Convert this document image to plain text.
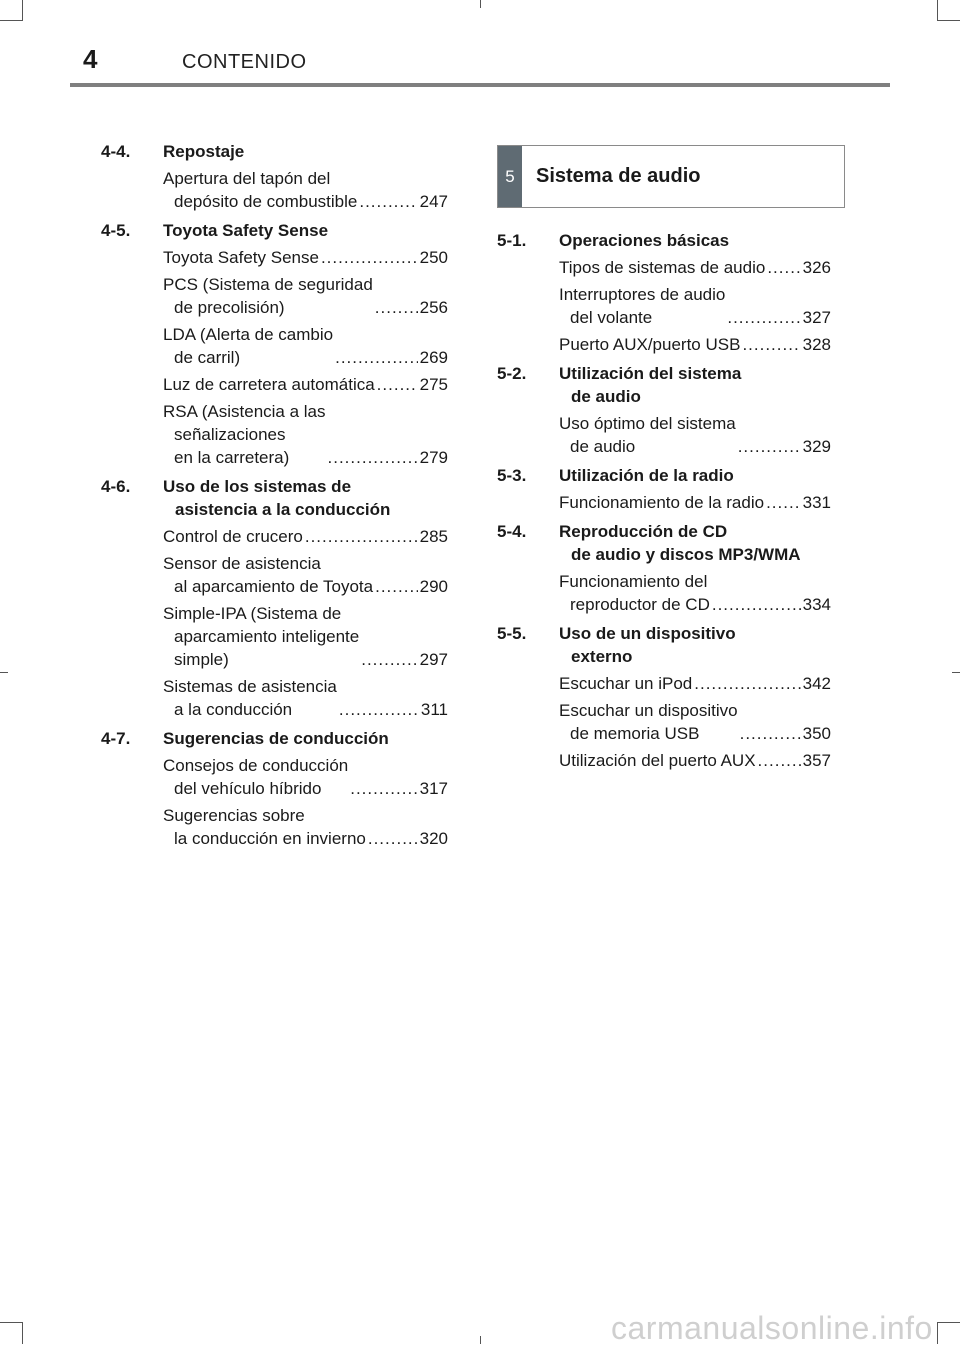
4	CONTENIDO
5	Sistema de audio
4-4.	Repostaje
Apertura del tapón del
depósito de combustible .....	247
4-5.	Toyota Safety Sense
Toyota Safety Sense .....	250
PCS (Sistema de seguridad
de precolisión) .....	256
LDA (Alerta de cambio
de carril) .....	269
Luz de carretera automática .....	275
RSA (Asistencia a las
señalizaciones
en la carretera) .....	279
4-6.	Uso de los sistemas de
asistencia a la conducción
Control de crucero .....	285
Sensor de asistencia
al aparcamiento de Toyota .....	290
Simple-IPA (Sistema de
aparcamiento inteligente
simple) .....	297
Sistemas de asistencia
a la conducción .....	311
4-7.	Sugerencias de conducción
Consejos de conducción
del vehículo híbrido .....	317
Sugerencias sobre
la conducción en invierno .....	320
5-1.	Operaciones básicas
Tipos de sistemas de audio ..... 326
Interruptores de audio
del volante .....	327
Puerto AUX/puerto USB .....	328
5-2.	Utilización del sistema
de audio
Uso óptimo del sistema
de audio .....	329
5-3.	Utilización de la radio
Funcionamiento de la radio ..... 331
5-4.	Reproducción de CD
de audio y discos MP3/WMA
Funcionamiento del
reproductor de CD .....	334
5-5.	Uso de un dispositivo
externo
Escuchar un iPod .....	342
Escuchar un dispositivo
de memoria USB .....	350
Utilización del puerto AUX .....	357
carmanualsonline.info
